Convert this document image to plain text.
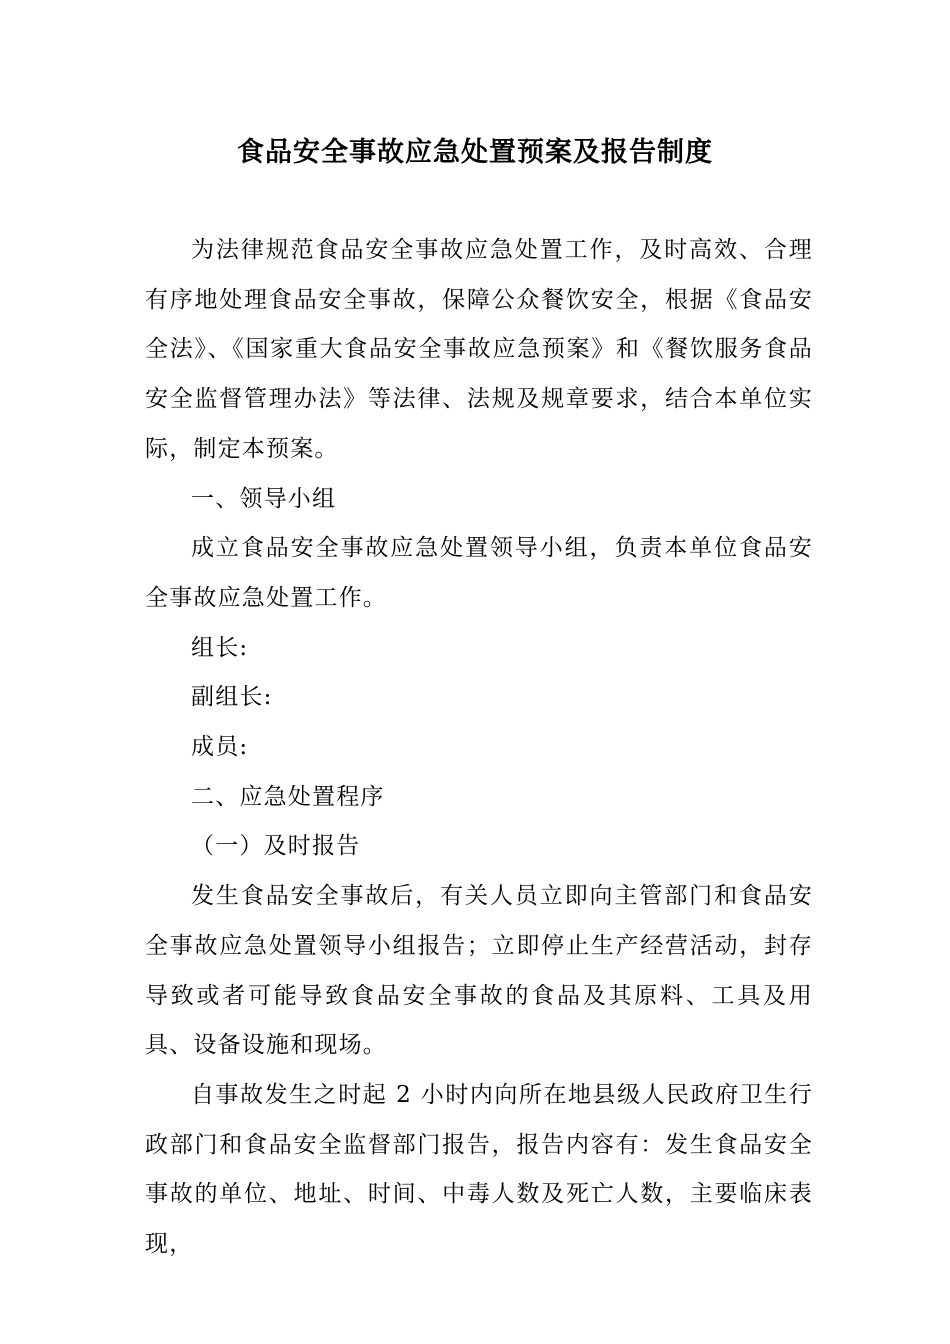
食品安全事故应急处置预案及报告制度

为法律规范食品安全事故应急处置工作，及时高效、合理有序地处理食品安全事故，保障公众餐饮安全，根据《食品安全法》、《国家重大食品安全事故应急预案》和《餐饮服务食品安全监督管理办法》等法律、法规及规章要求，结合本单位实际，制定本预案。

一、领导小组

成立食品安全事故应急处置领导小组，负责本单位食品安全事故应急处置工作。

组长:

副组长:

成员:

二、应急处置程序

（一）及时报告

发生食品安全事故后，有关人员立即向主管部门和食品安全事故应急处置领导小组报告；立即停止生产经营活动，封存导致或者可能导致食品安全事故的食品及其原料、工具及用具、设备设施和现场。

自事故发生之时起 2 小时内向所在地县级人民政府卫生行政部门和食品安全监督部门报告，报告内容有：发生食品安全事故的单位、地址、时间、中毒人数及死亡人数，主要临床表现，
